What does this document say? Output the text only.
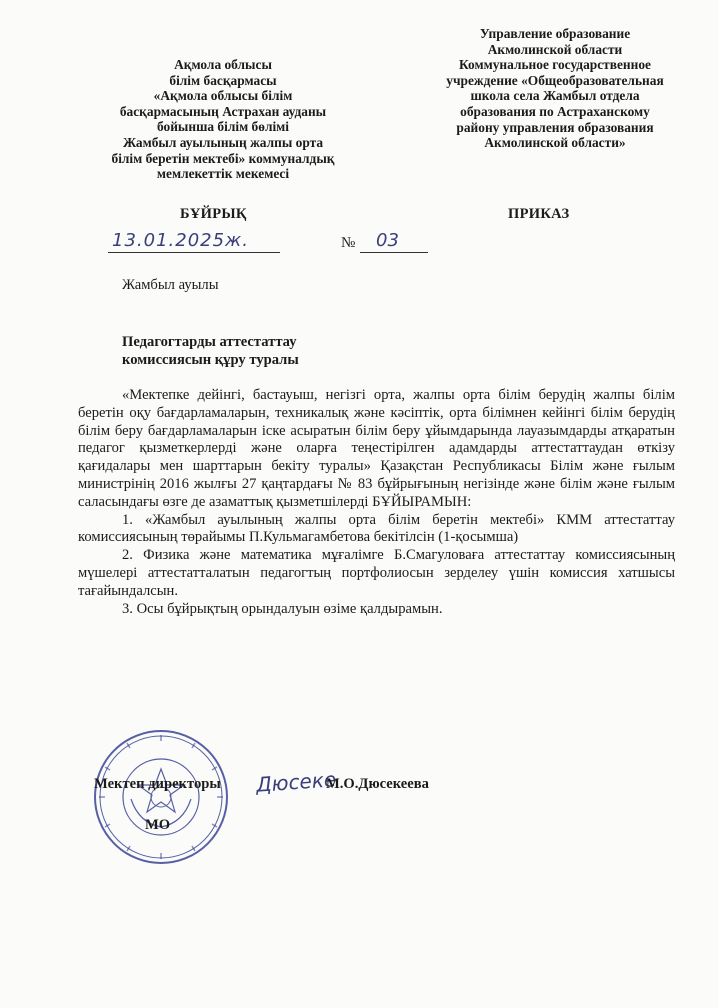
Ақмола облысы
білім басқармасы
«Ақмола облысы білім
басқармасының Астрахан ауданы
бойынша білім бөлімі
Жамбыл ауылының жалпы орта
білім беретін мектебі» коммуналдық
мемлекеттік мекемесі
Управление образование
Акмолинской области
Коммунальное государственное
учреждение «Общеобразовательная
школа села Жамбыл отдела
образования по Астраханскому
району управления образования
Акмолинской области»
БҰЙРЫҚ	ПРИКАЗ
13.01.2025ж.	№	03
Жамбыл ауылы
Педагогтарды аттестаттау
комиссиясын құру туралы

«Мектепке дейінгі, бастауыш, негізгі орта, жалпы орта білім берудің жалпы білім беретін оқу бағдарламаларын, техникалық және кәсіптік, орта білімнен кейінгі білім берудің білім беру бағдарламаларын іске асыратын білім беру ұйымдарында лауазымдарды атқаратын педагог қызметкерлерді және оларға теңестірілген адамдарды аттестаттаудан өткізу қағидалары мен шарттарын бекіту туралы» Қазақстан Республикасы Білім және ғылым министрінің 2016 жылғы 27 қаңтардағы № 83 бұйрығының негізінде және білім және ғылым саласындағы өзге де азаматтық қызметшілерді БҰЙЫРАМЫН:

1. «Жамбыл ауылының жалпы орта білім беретін мектебі» КММ аттестаттау комиссиясының төрайымы П.Кульмагамбетова бекітілсін (1-қосымша)

2. Физика және математика мұғалімге Б.Смагуловаға аттестаттау комиссиясының мүшелері аттестатталатын педагогтың портфолиосын зерделеу үшін комиссия хатшысы тағайындалсын.

3. Осы бұйрықтың орындалуын өзіме қалдырамын.

Мектеп директоры Дюсеке
М.О.Дюсекеева
МО
